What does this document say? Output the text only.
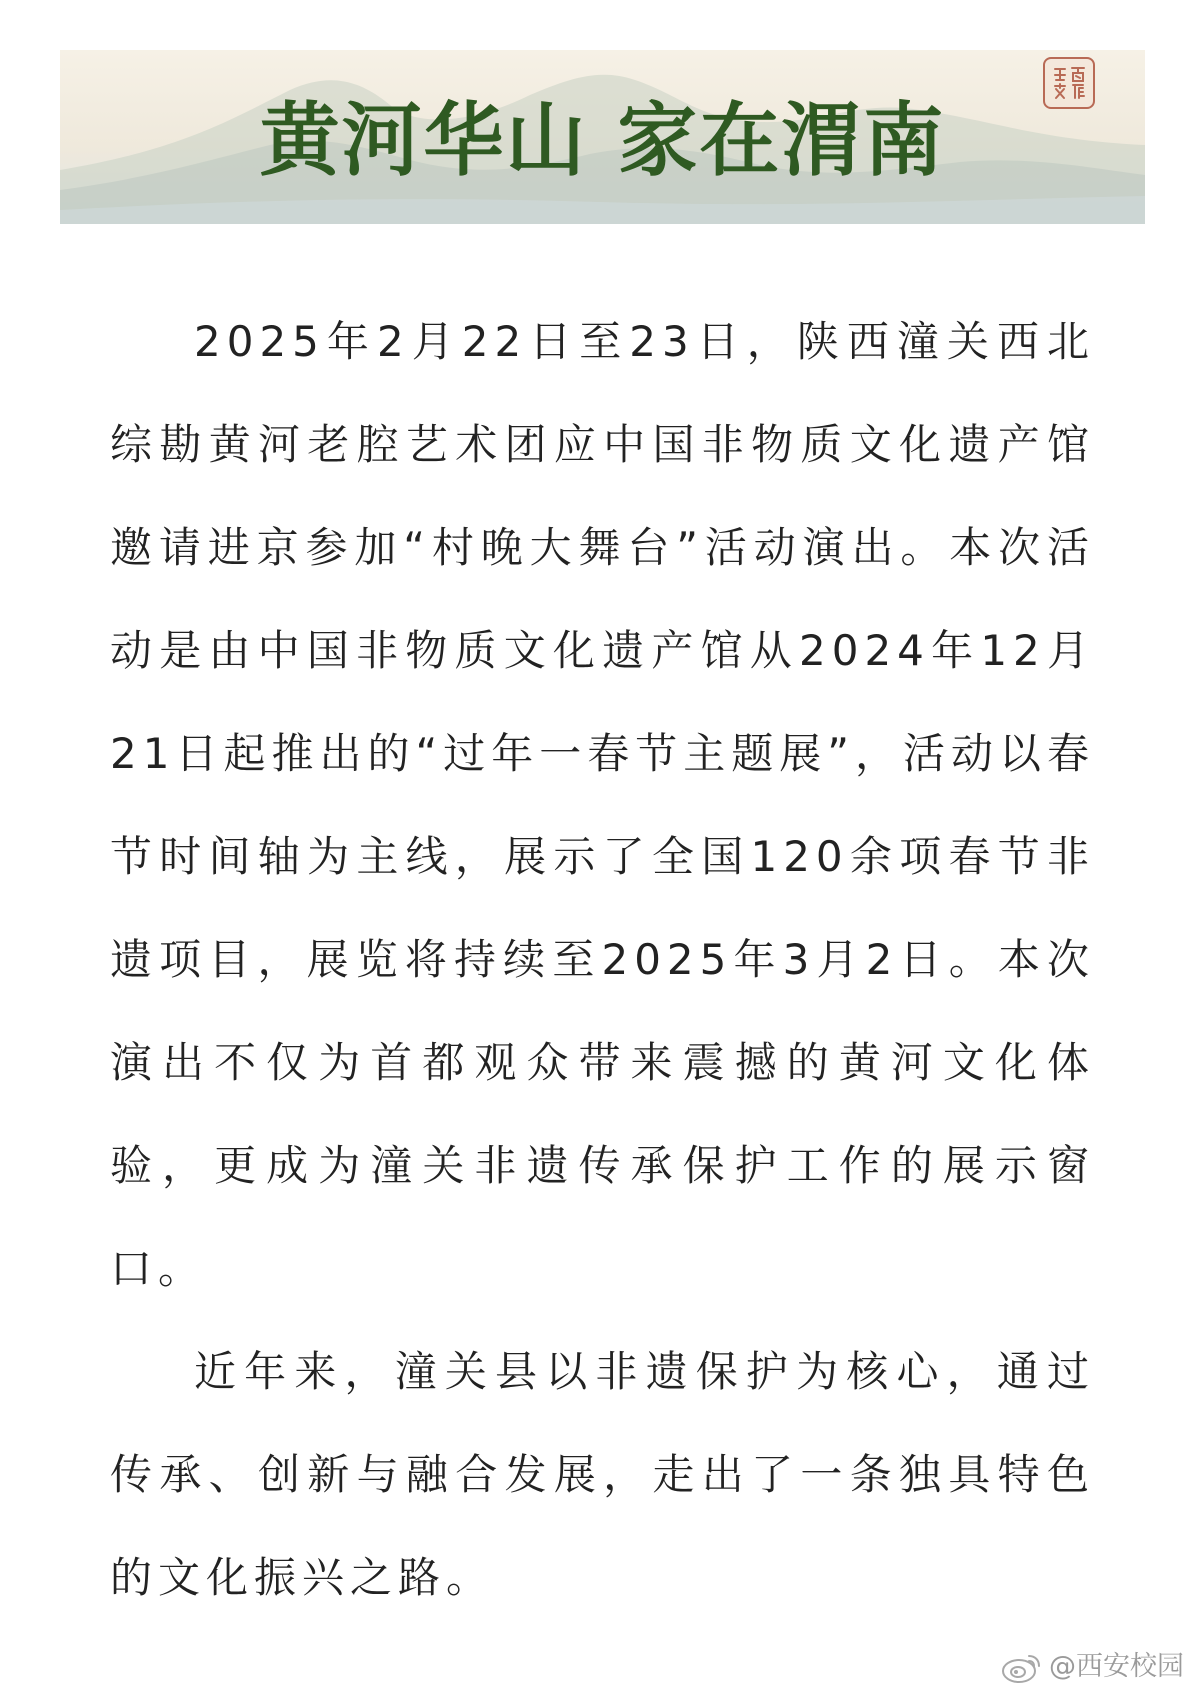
黄河华山 家在渭南

2025年2月22日至23日，陕西潼关西北综勘黄河老腔艺术团应中国非物质文化遗产馆邀请进京参加“村晚大舞台”活动演出。本次活动是由中国非物质文化遗产馆从2024年12月21日起推出的“过年一春节主题展”，活动以春节时间轴为主线，展示了全国120余项春节非遗项目，展览将持续至2025年3月2日。本次演出不仅为首都观众带来震撼的黄河文化体验，更成为潼关非遗传承保护工作的展示窗口。

近年来，潼关县以非遗保护为核心，通过传承、创新与融合发展，走出了一条独具特色的文化振兴之路。

@西安校园
